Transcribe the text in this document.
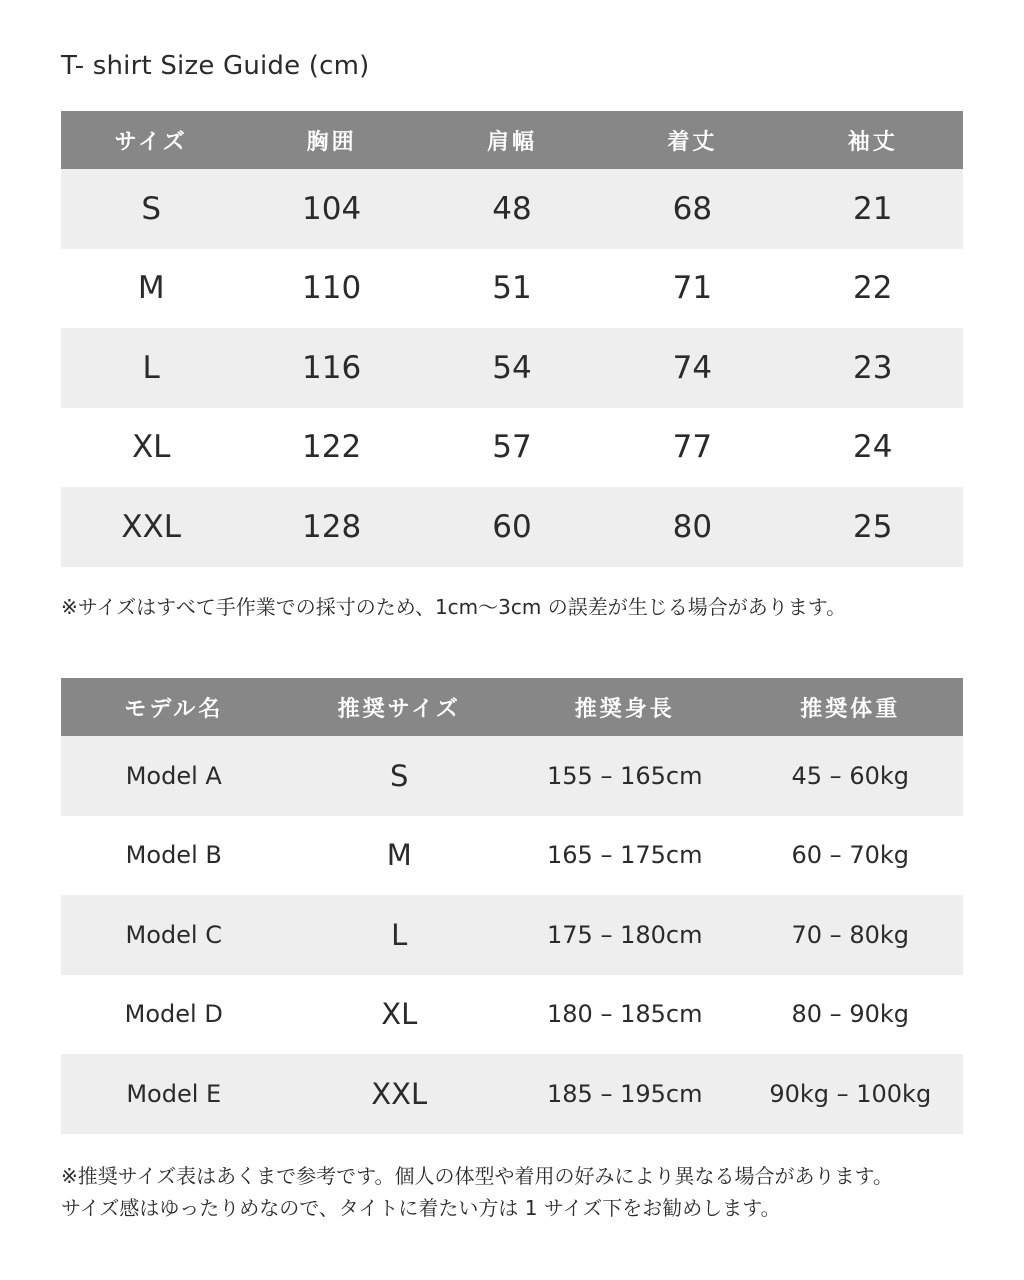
T- shirt Size Guide (cm)
サイズ	胸囲	肩幅	着丈	袖丈
S	104	48	68	21
M	110	51	71	22
L	116	54	74	23
XL	122	57	77	24
XXL	128	60	80	25
※サイズはすべて手作業での採寸のため、1cm〜3cm の誤差が生じる場合があります。
モデル名	推奨サイズ	推奨身長	推奨体重
Model A	S	155 – 165cm	45 – 60kg
Model B	M	165 – 175cm	60 – 70kg
Model C	L	175 – 180cm	70 – 80kg
Model D	XL	180 – 185cm	80 – 90kg
Model E	XXL	185 – 195cm	90kg – 100kg
※推奨サイズ表はあくまで参考です。個人の体型や着用の好みにより異なる場合があります。
サイズ感はゆったりめなので、タイトに着たい方は 1 サイズ下をお勧めします。
